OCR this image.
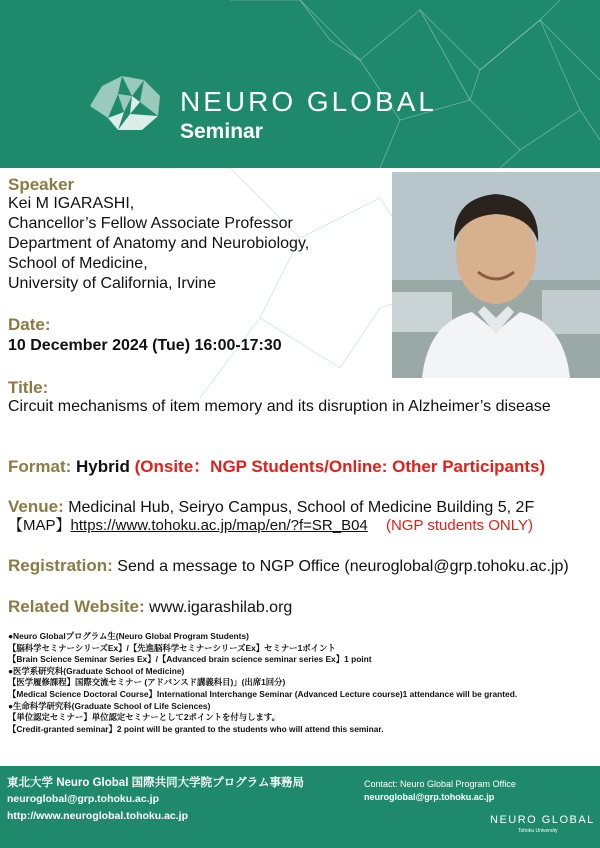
NEURO GLOBAL
Seminar
Speaker
Kei M IGARASHI,
Chancellor’s Fellow Associate Professor
Department of Anatomy and Neurobiology,
School of Medicine,
University of California, Irvine
Date:
10 December 2024 (Tue) 16:00-17:30
Title:
Circuit mechanisms of item memory and its disruption in Alzheimer’s disease
Format: Hybrid (Onsite：NGP Students/Online: Other Participants)
Venue: Medicinal Hub, Seiryo Campus, School of Medicine Building 5, 2F
【MAP】https://www.tohoku.ac.jp/map/en/?f=SR_B04 (NGP students ONLY)
Registration: Send a message to NGP Office (neuroglobal@grp.tohoku.ac.jp)
Related Website: www.igarashilab.org
●Neuro Globalプログラム生(Neuro Global Program Students)
【脳科学セミナーシリーズEx】/【先進脳科学セミナーシリーズEx】セミナー1ポイント
【Brain Science Seminar Series Ex】/【Advanced brain science seminar series Ex】1 point
●医学系研究科(Graduate School of Medicine)
【医学履修課程】国際交流セミナー (アドバンスド講義科目)」(出席1回分)
【Medical Science Doctoral Course】International Interchange Seminar (Advanced Lecture course)1 attendance will be granted.
●生命科学研究科(Graduate School of Life Sciences)
【単位認定セミナー】単位認定セミナーとして2ポイントを付与します。
【Credit-granted seminar】2 point will be granted to the students who will attend this seminar.
東北大学 Neuro Global 国際共同大学院プログラム事務局
neuroglobal@grp.tohoku.ac.jp
http://www.neuroglobal.tohoku.ac.jp
Contact: Neuro Global Program Office
neuroglobal@grp.tohoku.ac.jp
NEURO GLOBAL
Tohoku University
